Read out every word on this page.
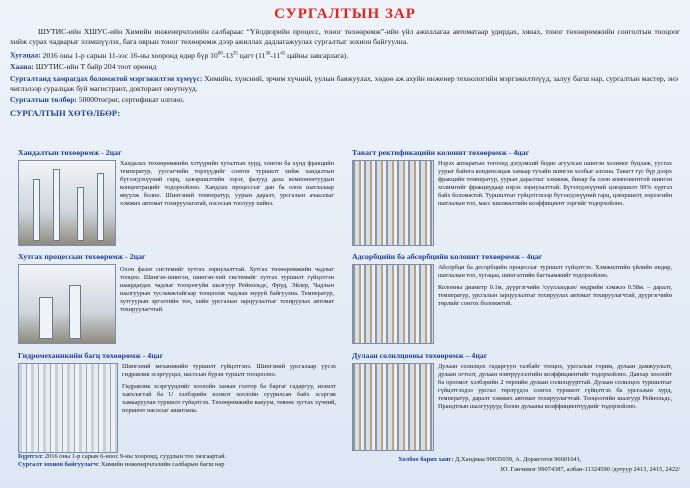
СУРГАЛТЫН ЗАР
ШУТИС-ийн ХШУС-ийн Химийн инженерчлэлийн салбараас “Үйлдвэрийн процесс, тоног төхөөрөмж”-ийн үйл ажиллагаа автоматаар удирдах, хянах, тоног төхөөрөмжийн сонголтын тооцоог хийж сурах чадварыг эзэмшүүлэх, бага оврын тоног төхөөрөмж дээр ажиллах дадлагажуулах сургалтыг зохион байгуулна.
Хугацаа: 2016 оны 1-р сарын 11-ээс 16-ны хооронд өдөр бүр $10^{00}-13^{35}$ цагт ($11^{30}-11^{45}$ цайны завсарлага).
Хаана: ШУТИС-ийн Т байр 204 тоот өрөөнд
Сургалтанд хамрагдах боломжтой мэргэжилтэн хүмүүс: Химийн, хүнсний, эрчим хүчний, уулын баяжуулах, хөдөө аж ахуйн инженер технологийн мэргэжилтнүүд, залуу багш нар, сургалтын мастер, энэ чиглэлээр суралцаж буй магистрант, докторант оюутнууд.
Сургалтын төлбөр: 50000төгрөг, сертификат олгоно.
СУРГАЛТЫН ХӨТӨЛБӨР:
Хандалтын төхөөрөмж - 2цаг
Хандалах төхөөрөмжийн хэтүүрийн хуталтын хурд, хонгон ба хүнд фракцийн температур, уусгагчийн торлүүдийг сонгон туршилт хийж хандалтын бүтээгдэхүүний гарц, цэвэршилтийн зэрэг, фазууд дахь компонентуудын концентрацийг тодорхойлно. Хандлах процессыг дан ба олон шатлалаар явуулж болно. Шингэний температур, уурын даралт, урсгалын ачааллыг хэмжих автомат тохируулагатай, нэсосын тоолуур хийнэ.
Тавагт ректификацийн колоннт төхөөрөмж - 4цаг
Нэрэх аппаратын тогоонд дэгдэмхий бодис агуулсан шингэн холимог буцлаж, уусгах уурыг байнга конденсацаж хамаар тухайн шингэн холбыг алгана. Тавагт түс бүр дээрх фракцийн температур, уурын даралтыг хэмжиж, бинар ба олон компонентгой шингэн холимгийг фракциудаар нэрэх зориулалттай. Бүтээгдэхүүний цэвэршилт 99% хүртэл байх боломжтой. Туршилтыг гүйцэтгэхээр бүтээгдэхүүний гарц, цэвэршилт, нэрлэгийн шатлалын тоо, масс шилжилтийн коэффициент зэргийг тодорхойлно.
Хутгах процессын төхөөрөмж - 2цаг
Олон фазат системийг хутгах зориулалттай. Хутгах төхөөрөмжийн чадлыг тооцно. Шингэн-шингэн, шингэн-хий системийг хутгах туршилт гүйцэтгэн шаардагдах чадлыг тооцоогуйн шалгуур Рейнольдс, Фруд, Эйлер, Чадлын шалгуурын тусламжтайгаар тооцоолж чадлын муруй байгуулна. Температур, хутгуурын эргэлтийн тоо, хийн урсгалын зарцуулалтыг тохируулах автомат тохируулагчтай.
Адсорбцийн ба абсорбцийн колоннт төхөөрөмж - 4цаг
Абсорбци ба десорбцийн процессыг туршилт гүйцэтгэх. Хэмжилтийн үйлийн өндөр, шатлалын тоо, хугацаа, шингэлтийн багтаамжийг тодорхойлно.
Колонны диаметр 0.1м, дүүргэгчийн /сууллаодын/ өндрийн хэмжээ 0.58м. – даралт, температур, урсгалын зарцуулалтыг тохируулах автомат тохируулагчтай, дүүргэгчийн төрлийг сонгох боломжтой.
Гидромеханикийн багц төхөөрөмж - 4цаг
Шингэний механикийн туршилт гүйцэтгэнэ. Шингэний урсгалаар үүсэх гидравлик эсэргүүцэл, насосын бүрэн туршлт тооцоолно.
Гидравлик эсэргүүцлийг хоолойн ханын голтор ба баргаг гадаргуу, изэмлт хавхлагтай ба U хэлбэрийн изэмлт хоолойн суурилсан байх эсэргэж хамааруулан туршилт гүйцэтгэх. Төхөөрөмжийн вакуум, төвөөс зугтах хүчний, поршент насосыг ашиглана.
Дулаан солилцооны төхөөрөмж – 4цаг
Дулаан солилцох гадаргуун талбайг тооцох, урсгалын горим, дулаан дамжуулалт, дулаан огтолт, дулаан нэвтрүүлэлтийн коэффициентийг тодорхойлно. Давхар хоолойт ба ороомог хэлбэрийн 2 төрлийн дулаан солилцуурттай. Дулаан солилцох туршилтыг гүйцэтгэхдээ урсгал төрлүүдээ сонгох туршилт гүйцэтгэх ба урсгалын хурд, температур, даралт хэмжих автомат тохируулагчтай. Тооцоогийн шалгуур Рейнольдс, Прандтлын шалгуурууд болон дулааны коэффициентүүдийг тодорхойлно.
Бүртгэл: 2016 оны 1-р сарын 6-ноос 9-ны хооронд, суудлын тоо хязгаартай.
Сургалт зохион байгуулагч: Химийн инженерчлэлийн салбарын багш нар
Холбоо барих хаяг: Д.Хандмаа 99035039, А. Доржготов 96601641,
Ю. Ганчимэг 99074387, албан-11324590 /дотуур 2413, 2415, 2422/
